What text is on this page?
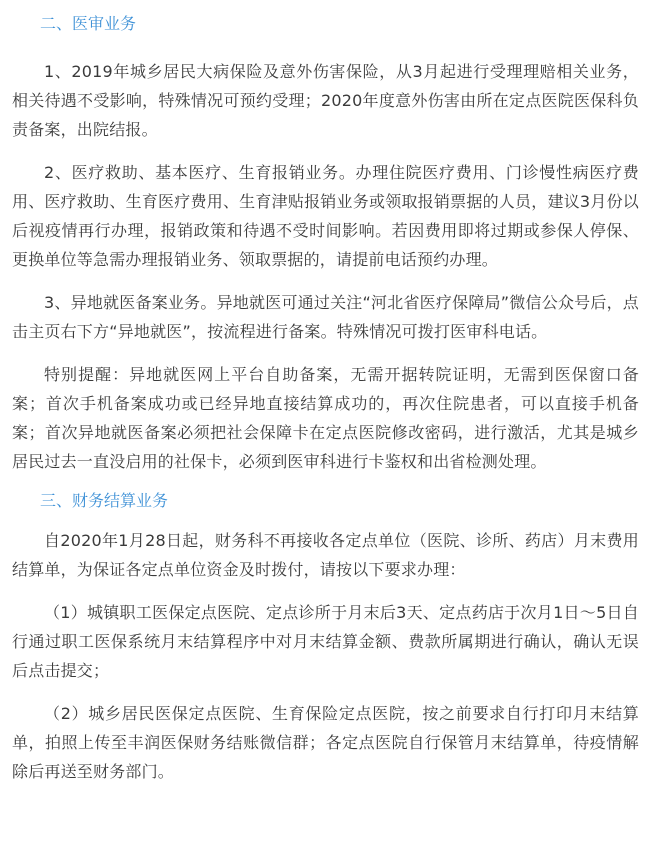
二、医审业务

1、2019年城乡居民大病保险及意外伤害保险，从3月起进行受理理赔相关业务，相关待遇不受影响，特殊情况可预约受理；2020年度意外伤害由所在定点医院医保科负责备案，出院结报。

2、医疗救助、基本医疗、生育报销业务。办理住院医疗费用、门诊慢性病医疗费用、医疗救助、生育医疗费用、生育津贴报销业务或领取报销票据的人员，建议3月份以后视疫情再行办理，报销政策和待遇不受时间影响。若因费用即将过期或参保人停保、更换单位等急需办理报销业务、领取票据的，请提前电话预约办理。

3、异地就医备案业务。异地就医可通过关注“河北省医疗保障局”微信公众号后，点击主页右下方“异地就医”，按流程进行备案。特殊情况可拨打医审科电话。

特别提醒：异地就医网上平台自助备案，无需开据转院证明，无需到医保窗口备案；首次手机备案成功或已经异地直接结算成功的，再次住院患者，可以直接手机备案；首次异地就医备案必须把社会保障卡在定点医院修改密码，进行激活，尤其是城乡居民过去一直没启用的社保卡，必须到医审科进行卡鉴权和出省检测处理。

三、财务结算业务

自2020年1月28日起，财务科不再接收各定点单位（医院、诊所、药店）月末费用结算单，为保证各定点单位资金及时拨付，请按以下要求办理：

（1）城镇职工医保定点医院、定点诊所于月末后3天、定点药店于次月1日～5日自行通过职工医保系统月末结算程序中对月末结算金额、费款所属期进行确认，确认无误后点击提交；

（2）城乡居民医保定点医院、生育保险定点医院，按之前要求自行打印月末结算单，拍照上传至丰润医保财务结账微信群；各定点医院自行保管月末结算单，待疫情解除后再送至财务部门。
